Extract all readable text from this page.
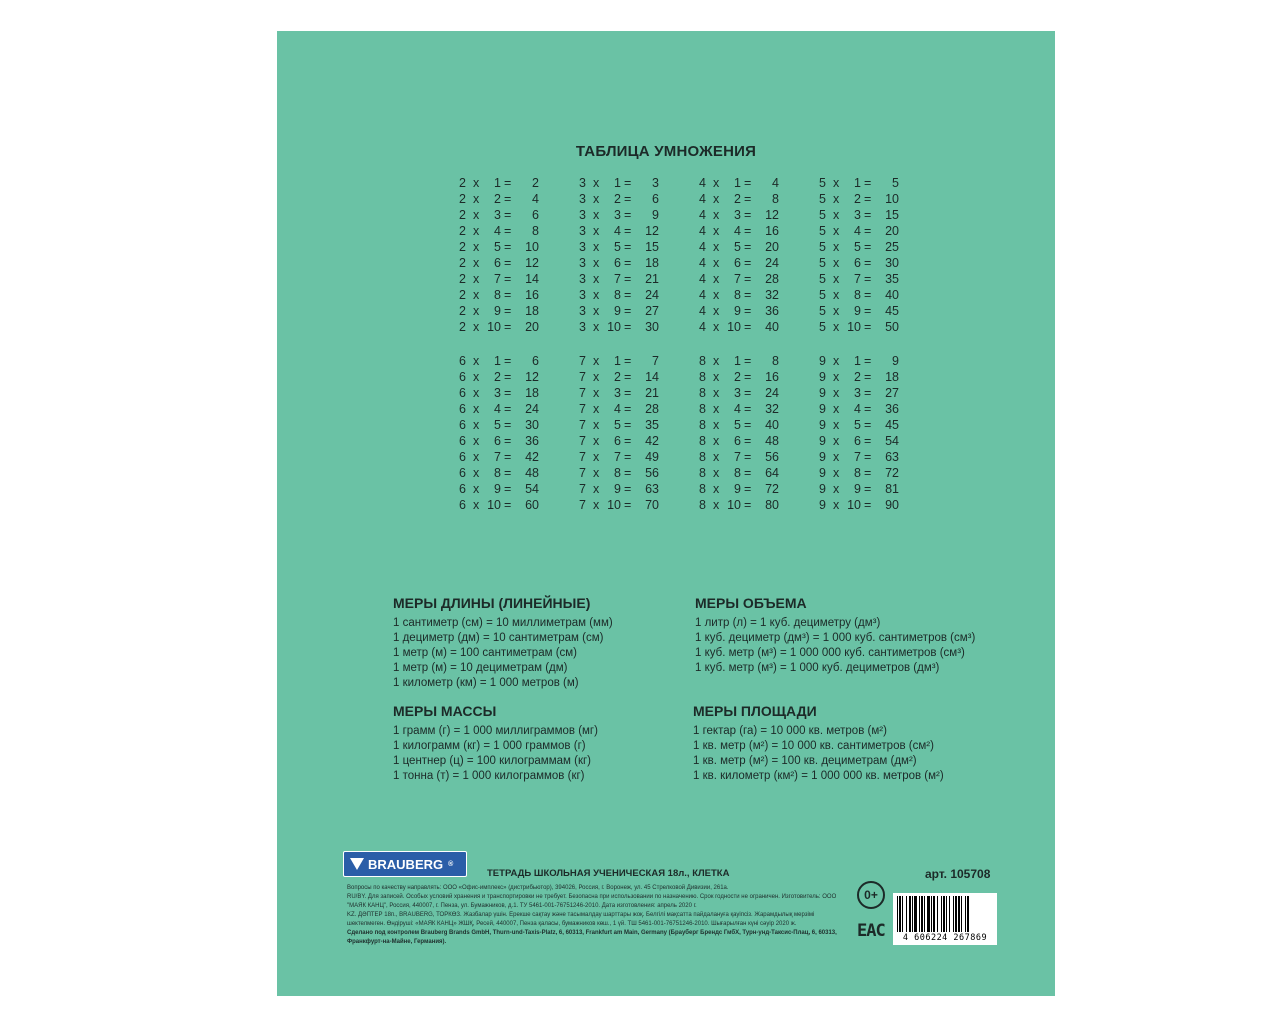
ТАБЛИЦА УМНОЖЕНИЯ
2 x	1 =	2
2 x	2 =	4
2 x	3 =	6
2 x	4 =	8
2 x	5 =	10
2 x	6 =	12
2 x	7 =	14
2 x	8 =	16
2 x	9 =	18
2 x 10 =	20
3 x	1 =	3
3 x	2 =	6
3 x	3 =	9
3 x	4 =	12
3 x	5 =	15
3 x	6 =	18
3 x	7 =	21
3 x	8 =	24
3 x	9 =	27
3 x 10 =	30
4 x	1 =	4
4 x	2 =	8
4 x	3 =	12
4 x	4 =	16
4 x	5 =	20
4 x	6 =	24
4 x	7 =	28
4 x	8 =	32
4 x	9 =	36
4 x 10 =	40
5 x	1 =	5
5 x	2 =	10
5 x	3 =	15
5 x	4 =	20
5 x	5 =	25
5 x	6 =	30
5 x	7 =	35
5 x	8 =	40
5 x	9 =	45
5 x 10 =	50
6 x	1 =	6
6 x	2 =	12
6 x	3 =	18
6 x	4 =	24
6 x	5 =	30
6 x	6 =	36
6 x	7 =	42
6 x	8 =	48
6 x	9 =	54
6 x 10 =	60
7 x	1 =	7
7 x	2 =	14
7 x	3 =	21
7 x	4 =	28
7 x	5 =	35
7 x	6 =	42
7 x	7 =	49
7 x	8 =	56
7 x	9 =	63
7 x 10 =	70
8 x	1 =	8
8 x	2 =	16
8 x	3 =	24
8 x	4 =	32
8 x	5 =	40
8 x	6 =	48
8 x	7 =	56
8 x	8 =	64
8 x	9 =	72
8 x 10 =	80
9 x	1 =	9
9 x	2 =	18
9 x	3 =	27
9 x	4 =	36
9 x	5 =	45
9 x	6 =	54
9 x	7 =	63
9 x	8 =	72
9 x	9 =	81
9 x 10 =	90
МЕРЫ ДЛИНЫ (ЛИНЕЙНЫЕ)
1 сантиметр (см) = 10 миллиметрам (мм)
1 дециметр (дм) = 10 сантиметрам (см)
1 метр (м) = 100 сантиметрам (см)
1 метр (м) = 10 дециметрам (дм)
1 километр (км) = 1 000 метров (м)
МЕРЫ ОБЪЕМА
1 литр (л) = 1 куб. дециметру (дм³)
1 куб. дециметр (дм³) = 1 000 куб. сантиметров (см³)
1 куб. метр (м³) = 1 000 000 куб. сантиметров (см³)
1 куб. метр (м³) = 1 000 куб. дециметров (дм³)
МЕРЫ МАССЫ
1 грамм (г) = 1 000 миллиграммов (мг)
1 килограмм (кг) = 1 000 граммов (г)
1 центнер (ц) = 100 килограммам (кг)
1 тонна (т) = 1 000 килограммов (кг)
МЕРЫ ПЛОЩАДИ
1 гектар (га) = 10 000 кв. метров (м²)
1 кв. метр (м²) = 10 000 кв. сантиметров (см²)
1 кв. метр (м²) = 100 кв. дециметрам (дм²)
1 кв. километр (км²) = 1 000 000 кв. метров (м²)
BRAUBERG ®
ТЕТРАДЬ ШКОЛЬНАЯ УЧЕНИЧЕСКАЯ 18л., КЛЕТКА	арт. 105708
Вопросы по качеству направлять: ООО «Офис-имплекс» (дистрибьютор), 394026, Россия, г. Воронеж, ул. 45 Стрелковой Дивизии, 261а.
RU/BY. Для записей. Особых условий хранения и транспортировки не требует. Безопасна при использовании по назначению. Срок годности не ограничен. Изготовитель: ООО "МАЯК КАНЦ", Россия, 440007, г. Пенза, ул. Бумажников, д.1. ТУ 5461-001-76751246-2010. Дата изготовления: апрель 2020 г.
KZ. ДӘПТЕР 18п., BRAUBERG, ТОРКӨЗ. Жазбалар үшін. Ерекше сақтау және тасымалдау шарттары жоқ. Белгілі мақсатта пайдалануға қауіпсіз. Жарамдылық мерзімі шектелмеген. Өндіруші: «МАЯК КАНЦ» ЖШҚ, Ресей, 440007, Пенза қаласы, бумажников көш., 1 үй. ТШ 5461-001-76751246-2010. Шығарылған күні сәуір 2020 ж.
Сделано под контролем Brauberg Brands GmbH, Thurn-und-Taxis-Platz, 6, 60313, Frankfurt am Main, Germany (Брауберг Брендс ГмбХ, Турн-унд-Таксис-Плац, 6, 60313, Франкфурт-на-Майне, Германия).
0+
ЕАС	4 606224 267869
